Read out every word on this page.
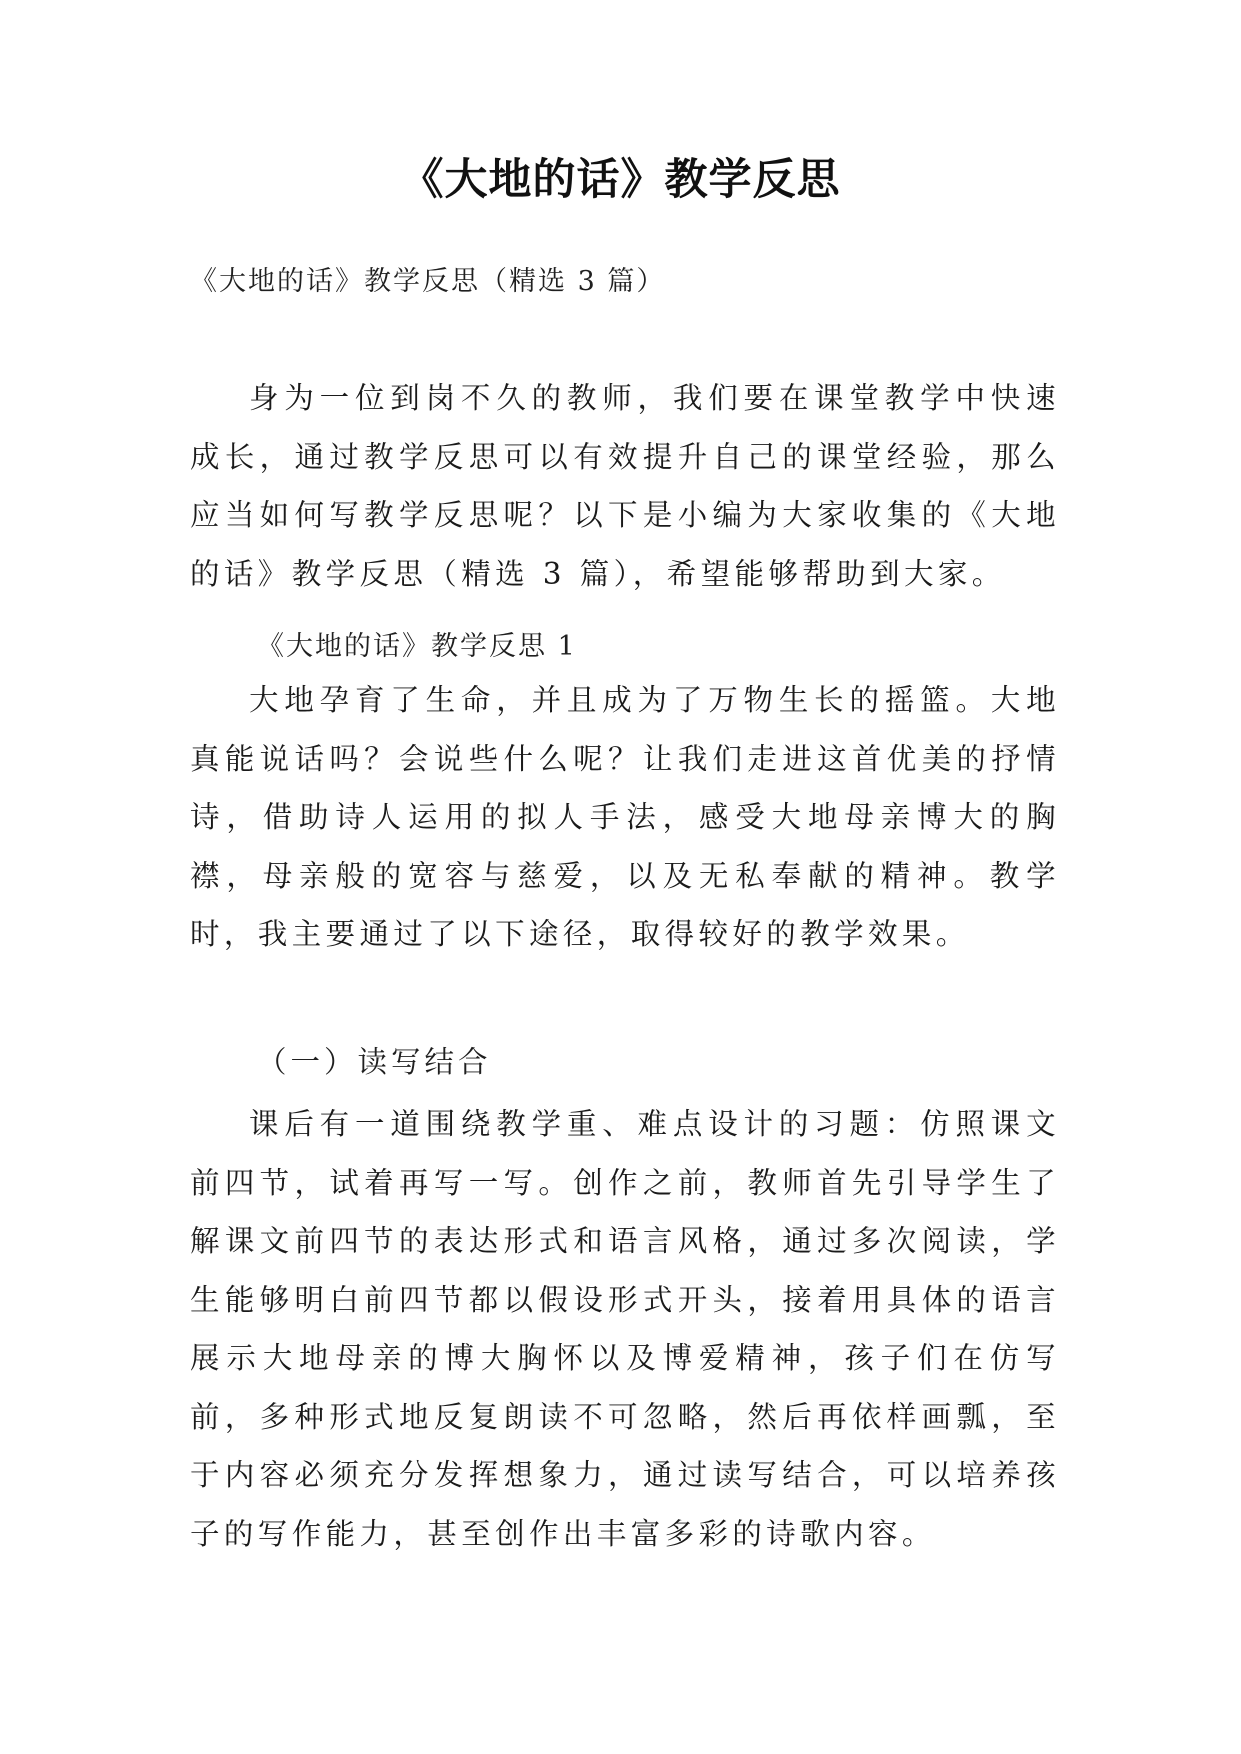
《大地的话》教学反思
《大地的话》教学反思（精选 3 篇）

身为一位到岗不久的教师，我们要在课堂教学中快速成长，通过教学反思可以有效提升自己的课堂经验，那么应当如何写教学反思呢？以下是小编为大家收集的《大地的话》教学反思（精选 3 篇），希望能够帮助到大家。

《大地的话》教学反思 1

大地孕育了生命，并且成为了万物生长的摇篮。大地真能说话吗？会说些什么呢？让我们走进这首优美的抒情诗，借助诗人运用的拟人手法，感受大地母亲博大的胸襟，母亲般的宽容与慈爱，以及无私奉献的精神。教学时，我主要通过了以下途径，取得较好的教学效果。

（一）读写结合

课后有一道围绕教学重、难点设计的习题：仿照课文前四节，试着再写一写。创作之前，教师首先引导学生了解课文前四节的表达形式和语言风格，通过多次阅读，学生能够明白前四节都以假设形式开头，接着用具体的语言展示大地母亲的博大胸怀以及博爱精神，孩子们在仿写前，多种形式地反复朗读不可忽略，然后再依样画瓢，至于内容必须充分发挥想象力，通过读写结合，可以培养孩子的写作能力，甚至创作出丰富多彩的诗歌内容。
